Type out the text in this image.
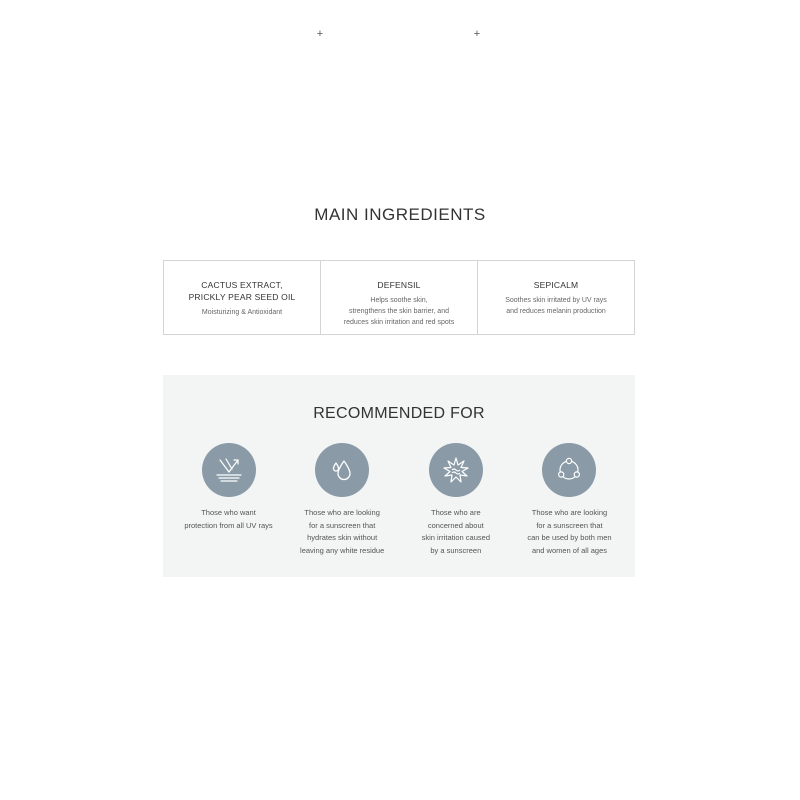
MAIN INGREDIENTS
CACTUS EXTRACT,
PRICKLY PEAR SEED OIL
Moisturizing & Antioxidant
DEFENSIL
Helps soothe skin,
strengthens the skin barrier, and
reduces skin irritation and red spots
SEPICALM
Soothes skin irritated by UV rays
and reduces melanin production
+	+
RECOMMENDED FOR
Those who want
protection from all UV rays
Those who are looking
for a sunscreen that
hydrates skin without
leaving any white residue
Those who are
concerned about
skin irritation caused
by a sunscreen
Those who are looking
for a sunscreen that
can be used by both men
and women of all ages
